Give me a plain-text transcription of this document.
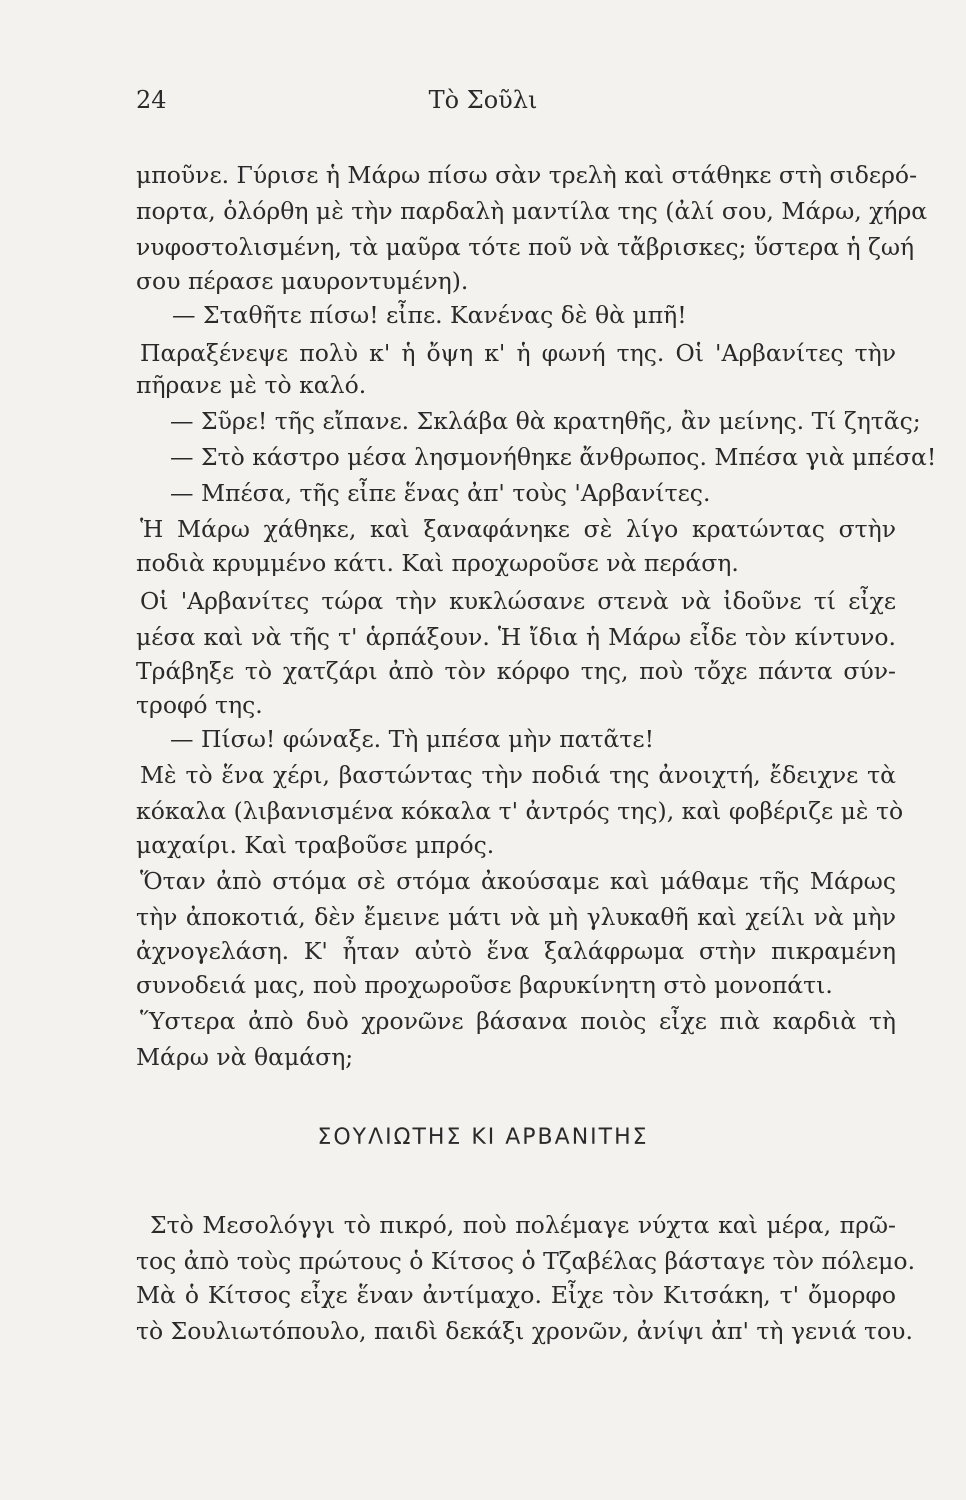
24	Τὸ Σοῦλι
μποῦνε. Γύρισε ἡ Μάρω πίσω σὰν τρελὴ καὶ στάθηκε στὴ σιδερό-
πορτα, ὁλόρθη μὲ τὴν παρδαλὴ μαντίλα της (ἀλί σου, Μάρω, χήρα
νυφοστολισμένη, τὰ μαῦρα τότε ποῦ νὰ τἄβρισκες; ὕστερα ἡ ζωή
σου πέρασε μαυροντυμένη).
— Σταθῆτε πίσω! εἶπε. Κανένας δὲ θὰ μπῆ!
Παραξένεψε πολὺ κ' ἡ ὄψη κ' ἡ φωνή της. Οἱ 'Αρβανίτες τὴν
πῆρανε μὲ τὸ καλό.
— Σῦρε! τῆς εἴπανε. Σκλάβα θὰ κρατηθῆς, ἂν μείνης. Τί ζητᾶς;
— Στὸ κάστρο μέσα λησμονήθηκε ἄνθρωπος. Μπέσα γιὰ μπέσα!
— Μπέσα, τῆς εἶπε ἕνας ἀπ' τοὺς 'Αρβανίτες.
Ἡ Μάρω χάθηκε, καὶ ξαναφάνηκε σὲ λίγο κρατώντας στὴν
ποδιὰ κρυμμένο κάτι. Καὶ προχωροῦσε νὰ περάση.
Οἱ 'Αρβανίτες τώρα τὴν κυκλώσανε στενὰ νὰ ἰδοῦνε τί εἶχε
μέσα καὶ νὰ τῆς τ' ἁρπάξουν. Ἡ ἴδια ἡ Μάρω εἶδε τὸν κίντυνο.
Τράβηξε τὸ χατζάρι ἀπὸ τὸν κόρφο της, ποὺ τὄχε πάντα σύν-
τροφό της.
— Πίσω! φώναξε. Τὴ μπέσα μὴν πατᾶτε!
Μὲ τὸ ἕνα χέρι, βαστώντας τὴν ποδιά της ἀνοιχτή, ἔδειχνε τὰ
κόκαλα (λιβανισμένα κόκαλα τ' ἀντρός της), καὶ φοβέριζε μὲ τὸ
μαχαίρι. Καὶ τραβοῦσε μπρός.
Ὅταν ἀπὸ στόμα σὲ στόμα ἀκούσαμε καὶ μάθαμε τῆς Μάρως
τὴν ἀποκοτιά, δὲν ἔμεινε μάτι νὰ μὴ γλυκαθῆ καὶ χείλι νὰ μὴν
ἀχνογελάση. Κ' ἦταν αὐτὸ ἕνα ξαλάφρωμα στὴν πικραμένη
συνοδειά μας, ποὺ προχωροῦσε βαρυκίνητη στὸ μονοπάτι.
Ὕστερα ἀπὸ δυὸ χρονῶνε βάσανα ποιὸς εἶχε πιὰ καρδιὰ τὴ
Μάρω νὰ θαμάση;
ΣΟΥΛΙΩΤΗΣ ΚΙ ΑΡΒΑΝΙΤΗΣ
Στὸ Μεσολόγγι τὸ πικρό, ποὺ πολέμαγε νύχτα καὶ μέρα, πρῶ-
τος ἀπὸ τοὺς πρώτους ὁ Κίτσος ὁ Τζαβέλας βάσταγε τὸν πόλεμο.
Μὰ ὁ Κίτσος εἶχε ἕναν ἀντίμαχο. Εἶχε τὸν Κιτσάκη, τ' ὄμορφο
τὸ Σουλιωτόπουλο, παιδὶ δεκάξι χρονῶν, ἀνίψι ἀπ' τὴ γενιά του.
